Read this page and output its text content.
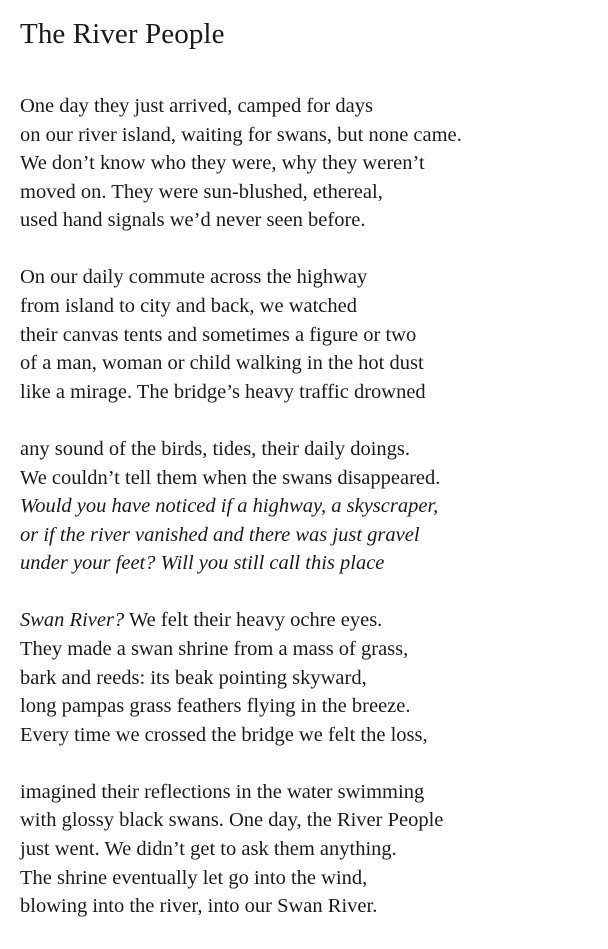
The River People
One day they just arrived, camped for days
on our river island, waiting for swans, but none came.
We don’t know who they were, why they weren’t
moved on. They were sun-blushed, ethereal,
used hand signals we’d never seen before.
On our daily commute across the highway
from island to city and back, we watched
their canvas tents and sometimes a figure or two
of a man, woman or child walking in the hot dust
like a mirage. The bridge’s heavy traffic drowned
any sound of the birds, tides, their daily doings.
We couldn’t tell them when the swans disappeared.
Would you have noticed if a highway, a skyscraper,
or if the river vanished and there was just gravel
under your feet? Will you still call this place
Swan River? We felt their heavy ochre eyes.
They made a swan shrine from a mass of grass,
bark and reeds: its beak pointing skyward,
long pampas grass feathers flying in the breeze.
Every time we crossed the bridge we felt the loss,
imagined their reflections in the water swimming
with glossy black swans. One day, the River People
just went. We didn’t get to ask them anything.
The shrine eventually let go into the wind,
blowing into the river, into our Swan River.
